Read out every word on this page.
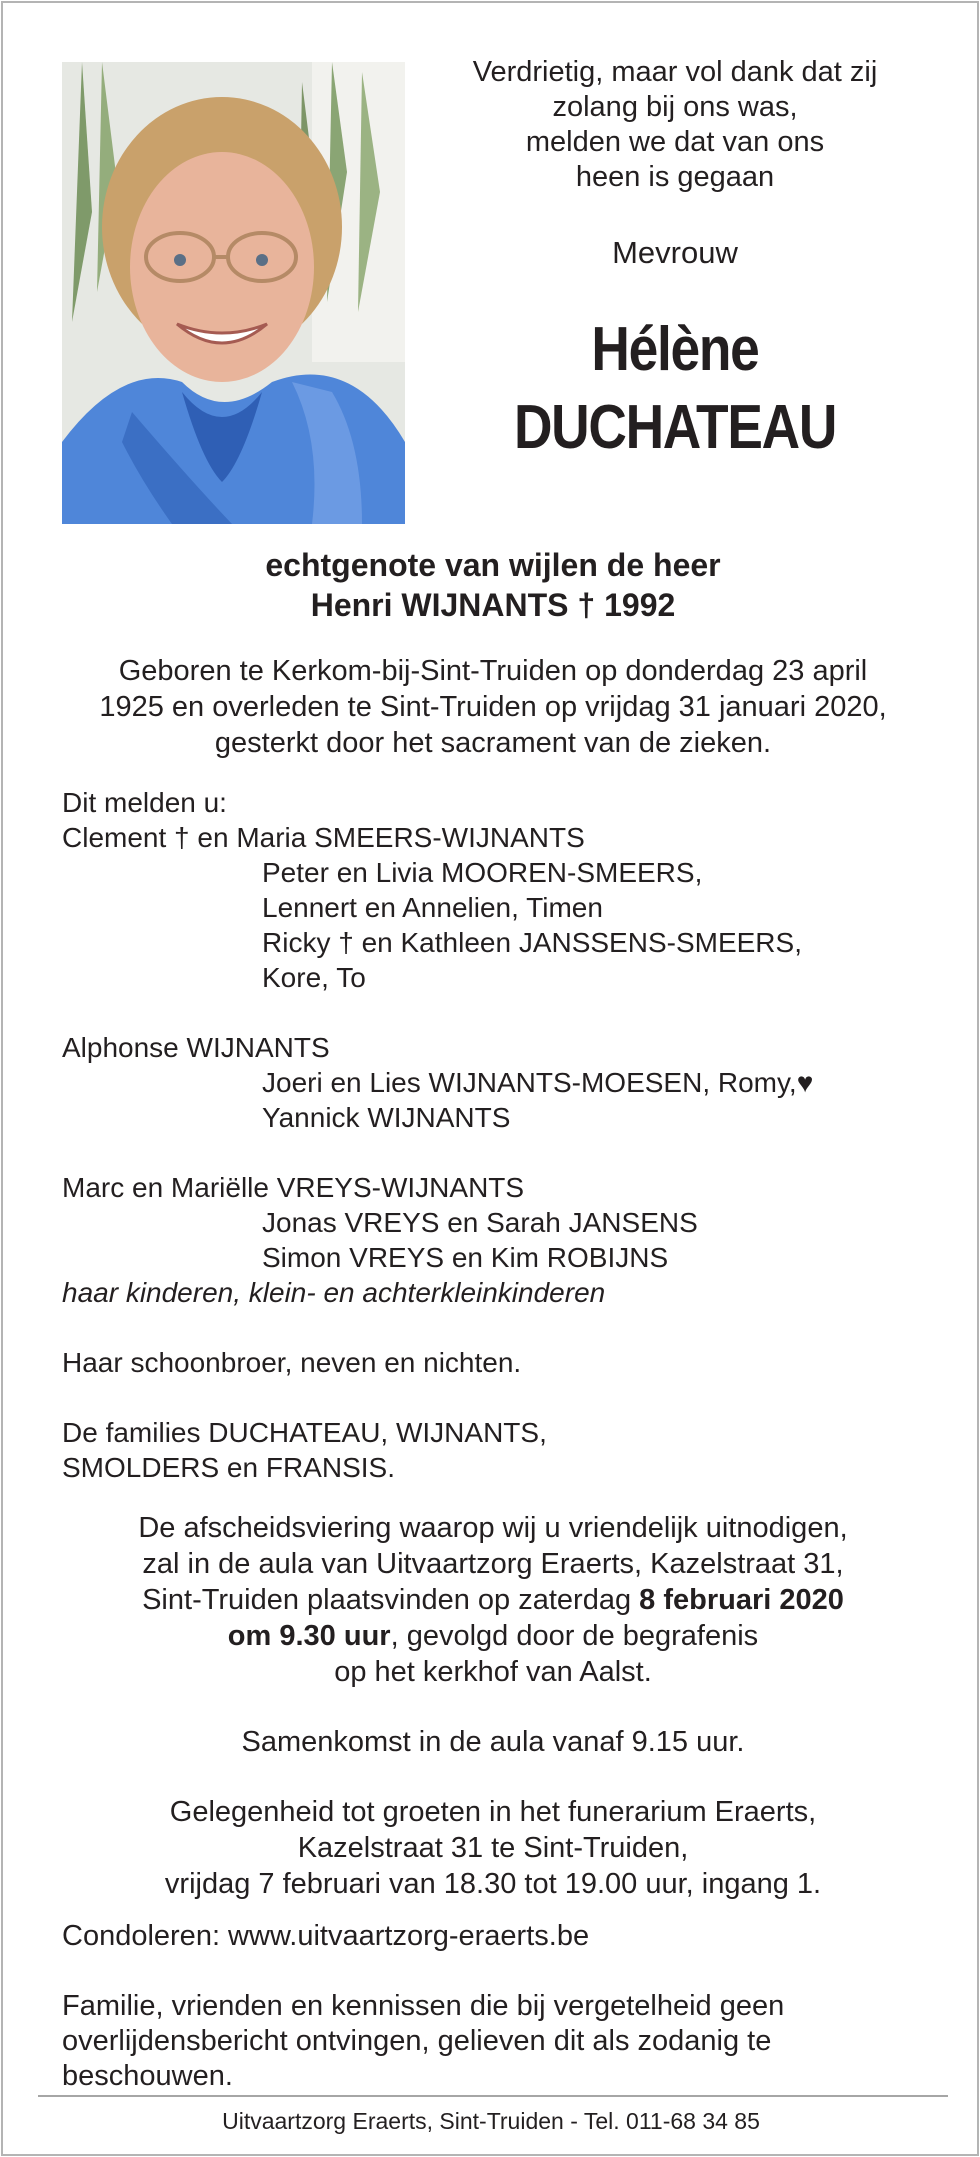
Verdrietig, maar vol dank dat zij
zolang bij ons was,
melden we dat van ons
heen is gegaan
Mevrouw
Hélène
DUCHATEAU
echtgenote van wijlen de heer
Henri WIJNANTS † 1992
Geboren te Kerkom-bij-Sint-Truiden op donderdag 23 april
1925 en overleden te Sint-Truiden op vrijdag 31 januari 2020,
gesterkt door het sacrament van de zieken.
Dit melden u:
Clement † en Maria SMEERS-WIJNANTS
Peter en Livia MOOREN-SMEERS,
Lennert en Annelien, Timen
Ricky † en Kathleen JANSSENS-SMEERS,
Kore, To
Alphonse WIJNANTS
Joeri en Lies WIJNANTS-MOESEN, Romy,♥
Yannick WIJNANTS
Marc en Mariëlle VREYS-WIJNANTS
Jonas VREYS en Sarah JANSENS
Simon VREYS en Kim ROBIJNS
haar kinderen, klein- en achterkleinkinderen
Haar schoonbroer, neven en nichten.
De families DUCHATEAU, WIJNANTS,
SMOLDERS en FRANSIS.
De afscheidsviering waarop wij u vriendelijk uitnodigen,
zal in de aula van Uitvaartzorg Eraerts, Kazelstraat 31,
Sint-Truiden plaatsvinden op zaterdag 8 februari 2020
om 9.30 uur, gevolgd door de begrafenis
op het kerkhof van Aalst.
Samenkomst in de aula vanaf 9.15 uur.
Gelegenheid tot groeten in het funerarium Eraerts,
Kazelstraat 31 te Sint-Truiden,
vrijdag 7 februari van 18.30 tot 19.00 uur, ingang 1.
Condoleren: www.uitvaartzorg-eraerts.be
Familie, vrienden en kennissen die bij vergetelheid geen
overlijdensbericht ontvingen, gelieven dit als zodanig te
beschouwen.
Uitvaartzorg Eraerts, Sint-Truiden - Tel. 011-68 34 85
